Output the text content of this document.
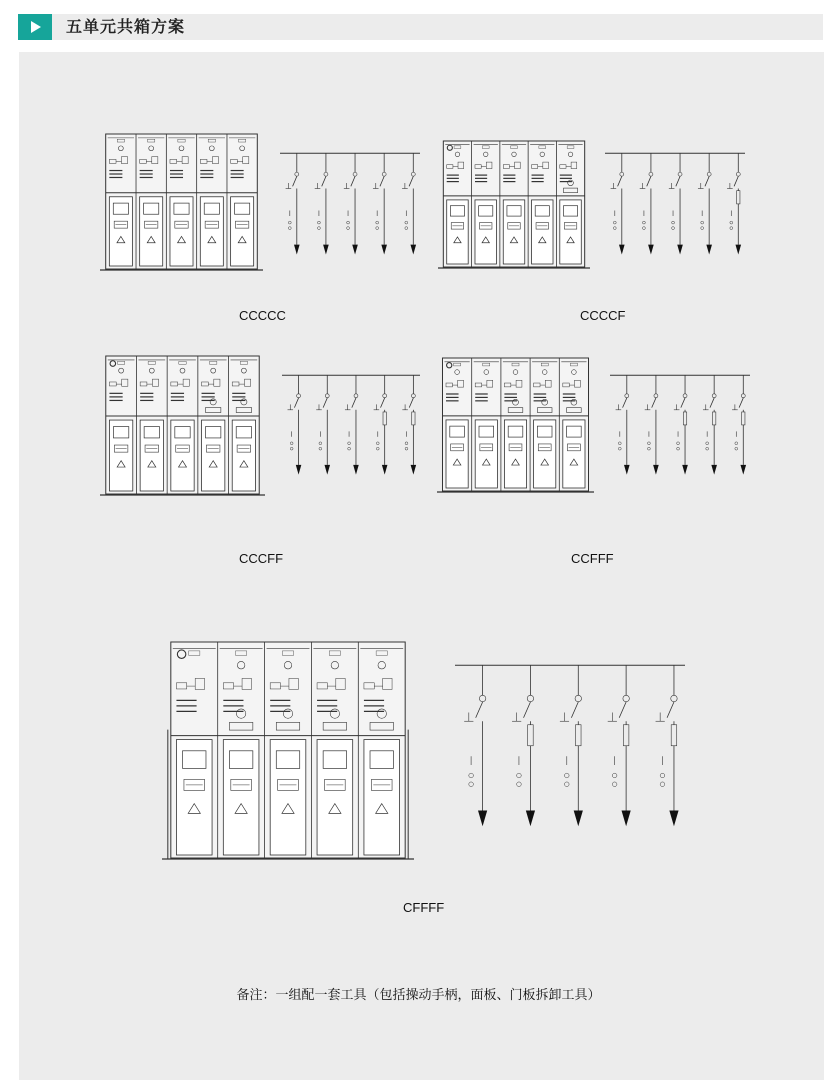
五单元共箱方案
CCCCC	CCCCF
CCCFF	CCFFF
CFFFF
备注：一组配一套工具（包括操动手柄，面板、门板拆卸工具）
